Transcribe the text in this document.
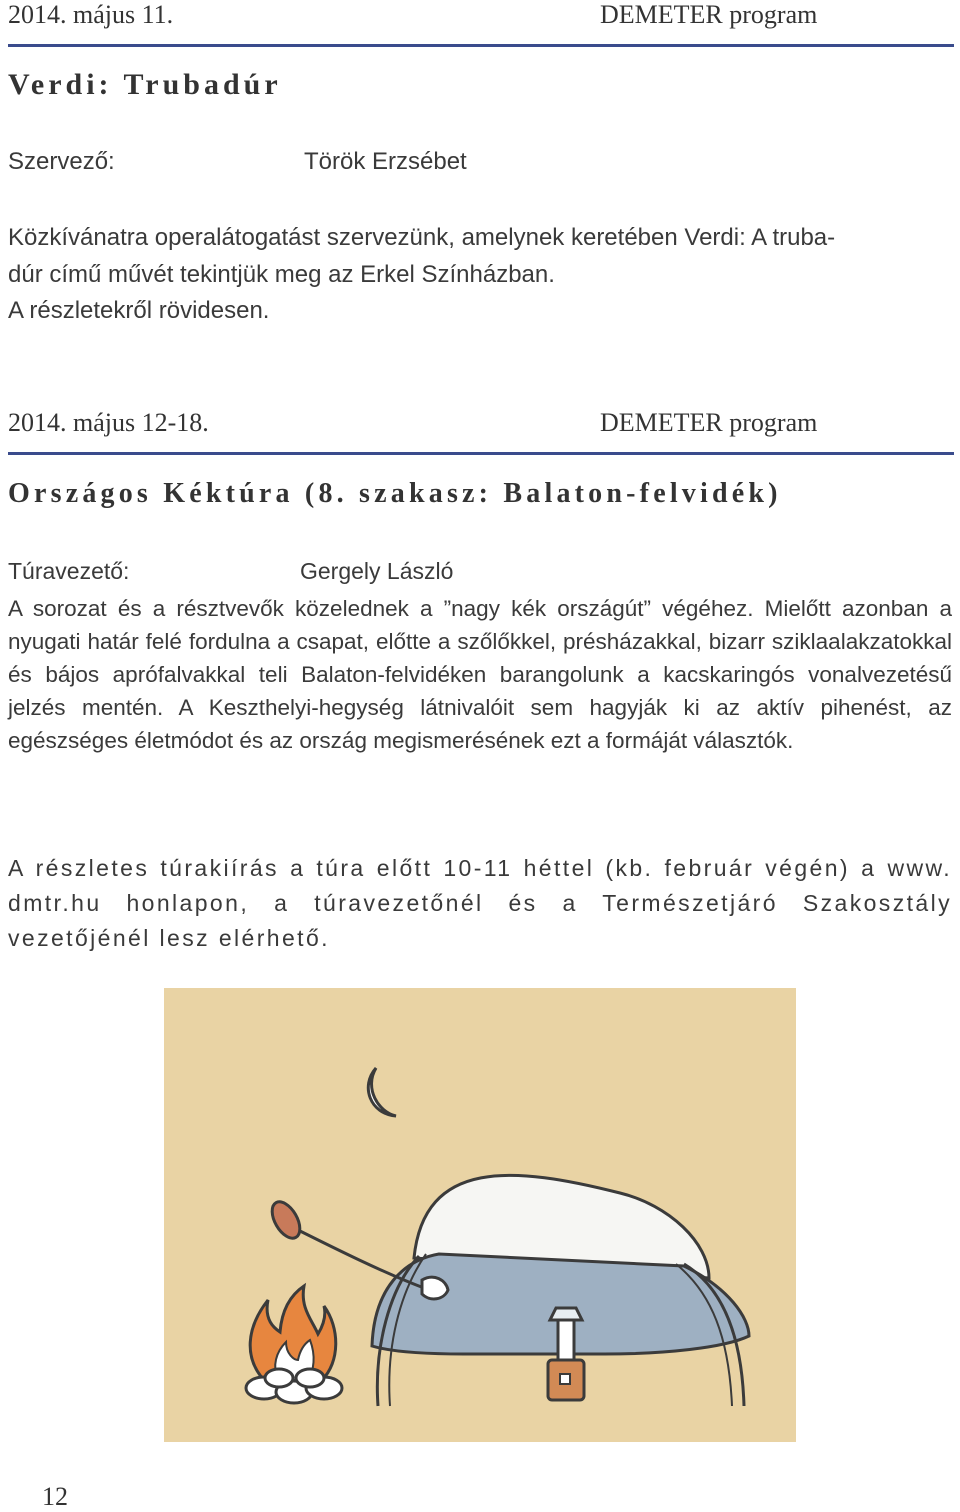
2014. május 11.	DEMETER program
Verdi: Trubadúr
Szervező:	Török Erzsébet
Közkívánatra operalátogatást szervezünk, amelynek keretében Verdi: A truba-
dúr című művét tekintjük meg az Erkel Színházban.
A részletekről rövidesen.
2014. május 12-18.	DEMETER program
Országos Kéktúra (8. szakasz: Balaton-felvidék)
Túravezető:	Gergely László
A sorozat és a résztvevők közelednek a ”nagy kék országút” végéhez. Mielőtt azonban a nyugati határ felé fordulna a csapat, előtte a szőlőkkel, présházakkal, bizarr sziklaalakzatokkal és bájos aprófalvakkal teli Balaton-felvidéken barangolunk a kacskaringós vonalvezetésű jelzés mentén. A Keszthelyi-hegység látnivalóit sem hagyják ki az aktív pihenést, az egészséges életmódot és az ország megismerésének ezt a formáját választók.
A részletes túrakiírás a túra előtt 10-11 héttel (kb. február végén) a www. dmtr.hu honlapon, a túravezetőnél és a Természetjáró Szakosztály vezetőjénél lesz elérhető.
12
